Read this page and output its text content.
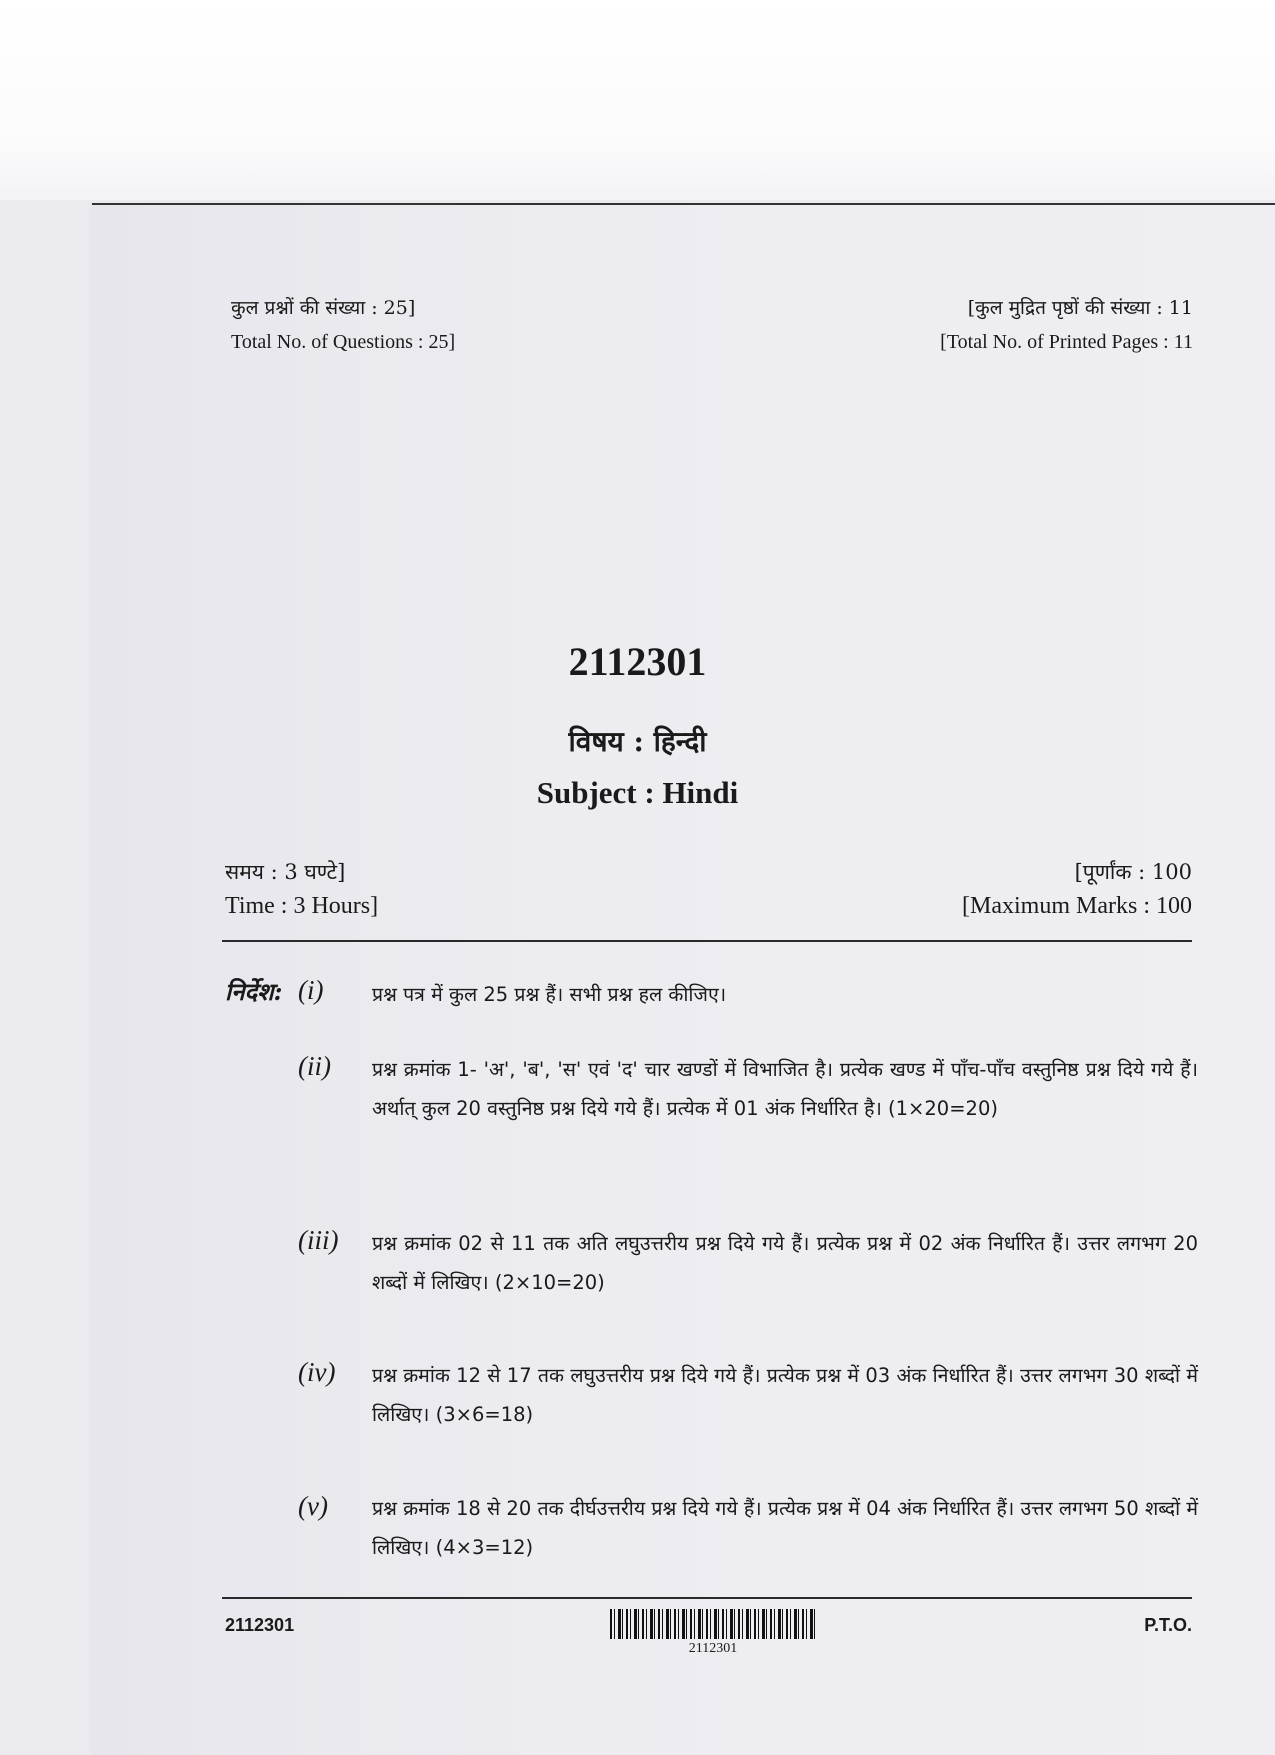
कुल प्रश्नों की संख्या : 25]
Total No. of Questions : 25]
[कुल मुद्रित पृष्ठों की संख्या : 11
[Total No. of Printed Pages : 11
2112301
विषय : हिन्दी
Subject : Hindi
समय : 3 घण्टे]
Time : 3 Hours]
[पूर्णांक : 100
[Maximum Marks : 100
निर्देश: (i) प्रश्न पत्र में कुल 25 प्रश्न हैं। सभी प्रश्न हल कीजिए।
(ii) प्रश्न क्रमांक 1- 'अ', 'ब', 'स' एवं 'द' चार खण्डों में विभाजित है। प्रत्येक खण्ड में पाँच-पाँच वस्तुनिष्ठ प्रश्न दिये गये हैं। अर्थात् कुल 20 वस्तुनिष्ठ प्रश्न दिये गये हैं। प्रत्येक में 01 अंक निर्धारित है। (1×20=20)
(iii) प्रश्न क्रमांक 02 से 11 तक अति लघुउत्तरीय प्रश्न दिये गये हैं। प्रत्येक प्रश्न में 02 अंक निर्धारित हैं। उत्तर लगभग 20 शब्दों में लिखिए। (2×10=20)
(iv) प्रश्न क्रमांक 12 से 17 तक लघुउत्तरीय प्रश्न दिये गये हैं। प्रत्येक प्रश्न में 03 अंक निर्धारित हैं। उत्तर लगभग 30 शब्दों में लिखिए। (3×6=18)
(v) प्रश्न क्रमांक 18 से 20 तक दीर्घउत्तरीय प्रश्न दिये गये हैं। प्रत्येक प्रश्न में 04 अंक निर्धारित हैं। उत्तर लगभग 50 शब्दों में लिखिए। (4×3=12)
2112301
2112301
P.T.O.
